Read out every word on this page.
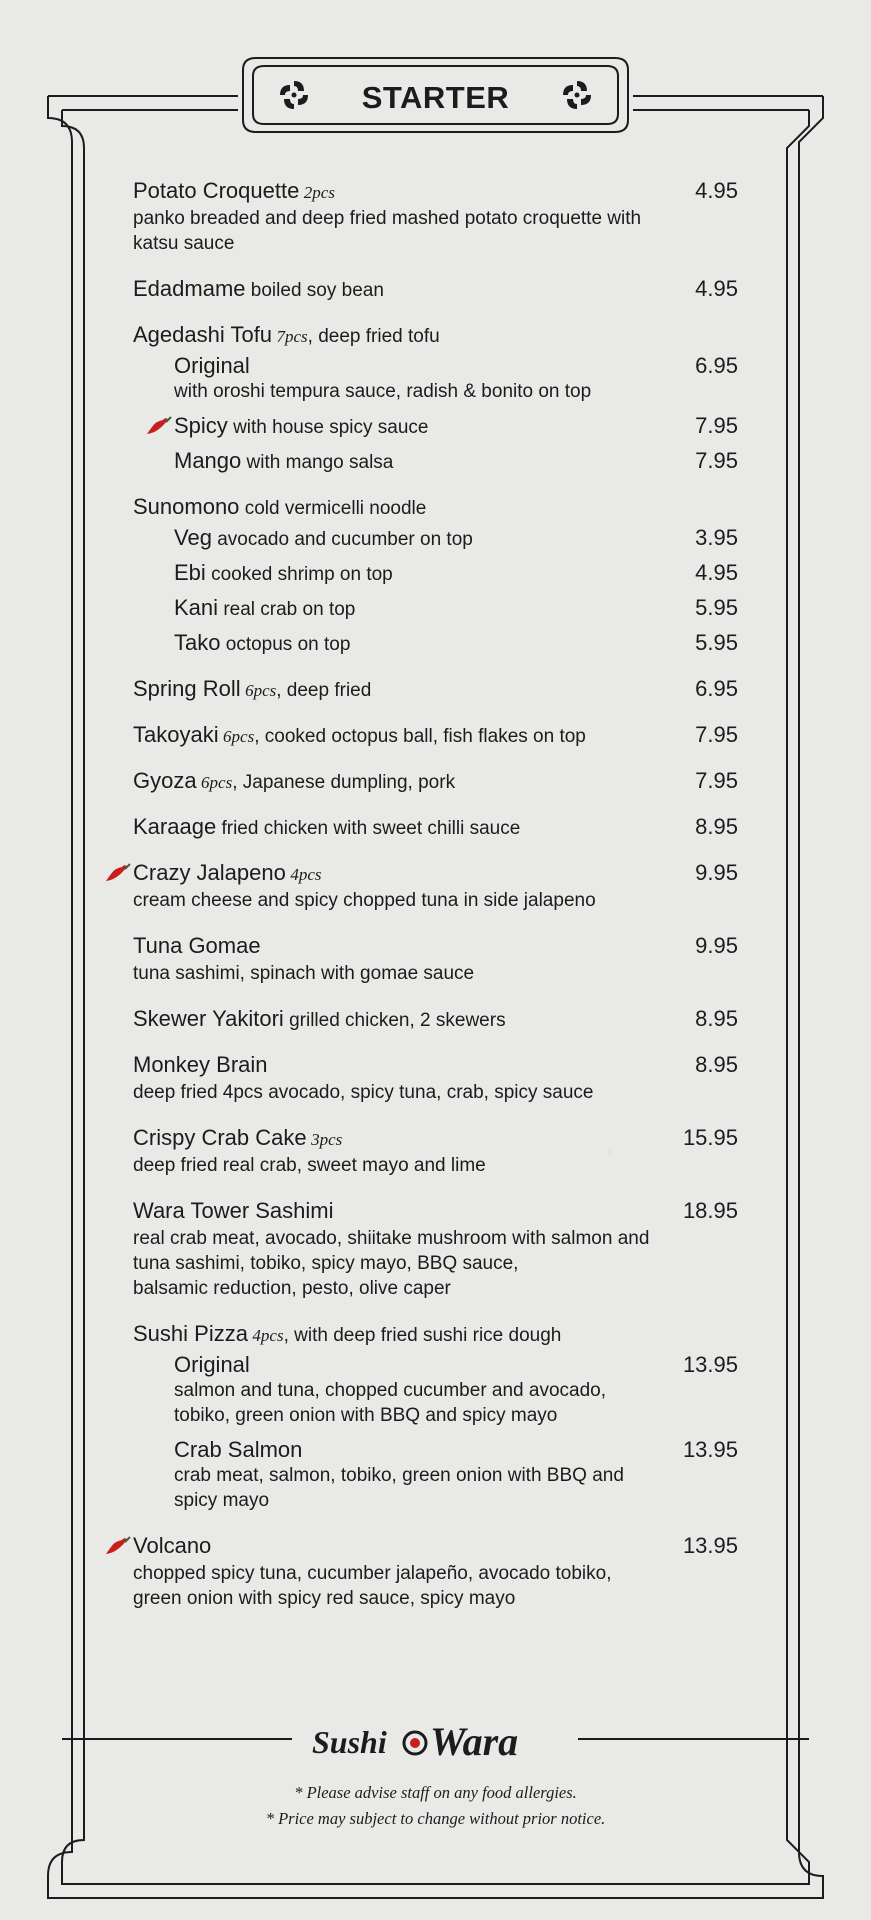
STARTER
Potato Croquette 2pcs	4.95
panko breaded and deep fried mashed potato croquette with
katsu sauce
Edadmame boiled soy bean	4.95
Agedashi Tofu 7pcs, deep fried tofu
Original	6.95
with oroshi tempura sauce, radish & bonito on top
Spicy with house spicy sauce	7.95
Mango with mango salsa	7.95
Sunomono cold vermicelli noodle
Veg avocado and cucumber on top	3.95
Ebi cooked shrimp on top	4.95
Kani real crab on top	5.95
Tako octopus on top	5.95
Spring Roll 6pcs, deep fried	6.95
Takoyaki 6pcs, cooked octopus ball, fish flakes on top	7.95
Gyoza 6pcs, Japanese dumpling, pork	7.95
Karaage fried chicken with sweet chilli sauce	8.95
Crazy Jalapeno 4pcs	9.95
cream cheese and spicy chopped tuna in side jalapeno
Tuna Gomae	9.95
tuna sashimi, spinach with gomae sauce
Skewer Yakitori grilled chicken, 2 skewers	8.95
Monkey Brain	8.95
deep fried 4pcs avocado, spicy tuna, crab, spicy sauce
Crispy Crab Cake 3pcs	15.95
deep fried real crab, sweet mayo and lime
Wara Tower Sashimi	18.95
real crab meat, avocado, shiitake mushroom with salmon and
tuna sashimi, tobiko, spicy mayo, BBQ sauce,
balsamic reduction, pesto, olive caper
Sushi Pizza 4pcs, with deep fried sushi rice dough
Original	13.95
salmon and tuna, chopped cucumber and avocado,
tobiko, green onion with BBQ and spicy mayo
Crab Salmon	13.95
crab meat, salmon, tobiko, green onion with BBQ and
spicy mayo
Volcano	13.95
chopped spicy tuna, cucumber jalapeño, avocado tobiko,
green onion with spicy red sauce, spicy mayo
Sushi Wara
* Please advise staff on any food allergies.
* Price may subject to change without prior notice.
